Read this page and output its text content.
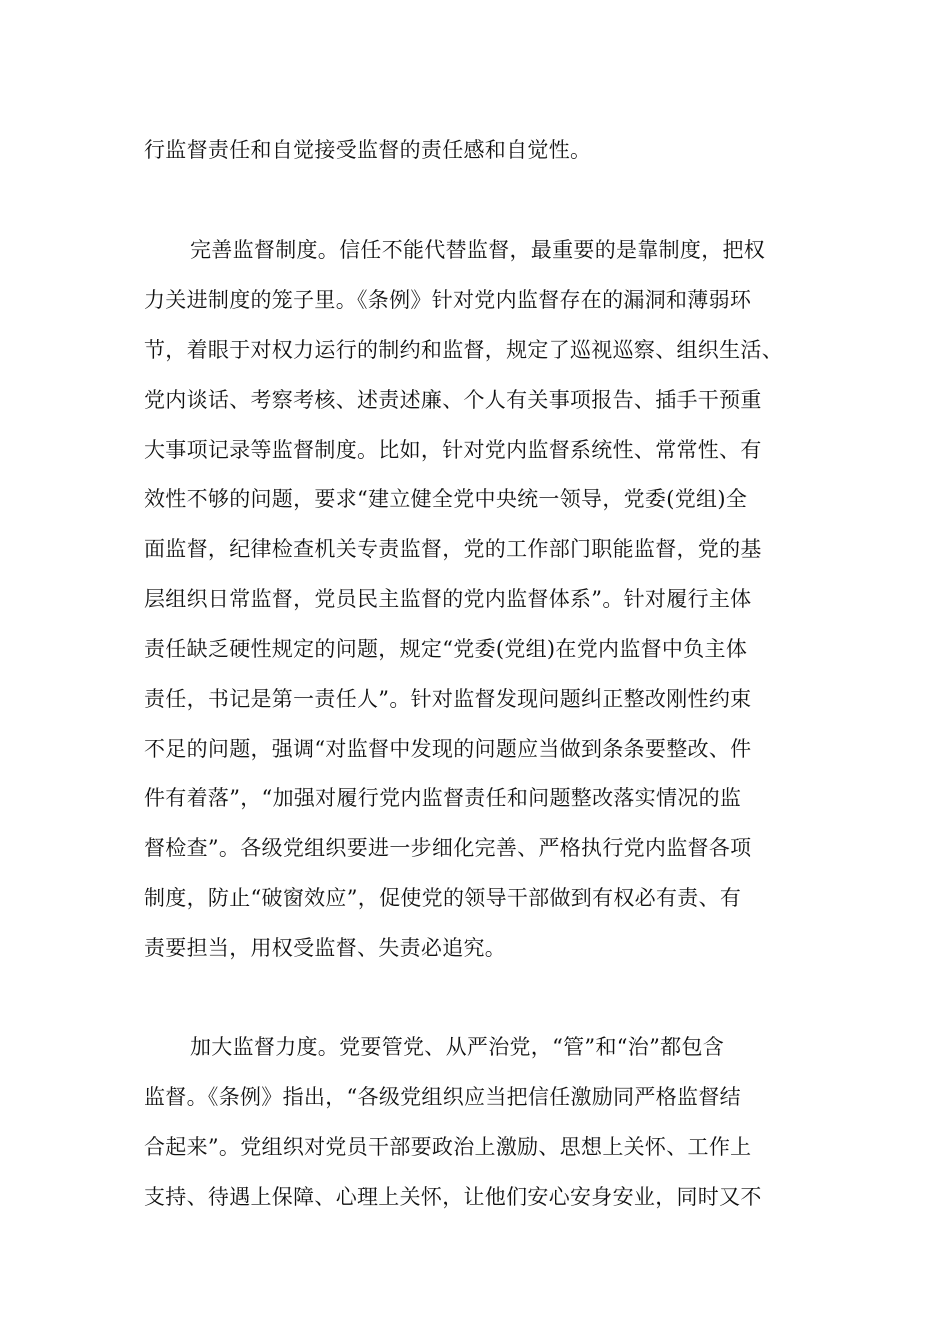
行监督责任和自觉接受监督的责任感和自觉性。
完善监督制度。信任不能代替监督，最重要的是靠制度，把权
力关进制度的笼子里。《条例》针对党内监督存在的漏洞和薄弱环
节，着眼于对权力运行的制约和监督，规定了巡视巡察、组织生活、
党内谈话、考察考核、述责述廉、个人有关事项报告、插手干预重
大事项记录等监督制度。比如，针对党内监督系统性、常常性、有
效性不够的问题，要求“建立健全党中央统一领导，党委(党组)全
面监督，纪律检查机关专责监督，党的工作部门职能监督，党的基
层组织日常监督，党员民主监督的党内监督体系”。针对履行主体
责任缺乏硬性规定的问题，规定“党委(党组)在党内监督中负主体
责任，书记是第一责任人”。针对监督发现问题纠正整改刚性约束
不足的问题，强调“对监督中发现的问题应当做到条条要整改、件
件有着落”，“加强对履行党内监督责任和问题整改落实情况的监
督检查”。各级党组织要进一步细化完善、严格执行党内监督各项
制度，防止“破窗效应”，促使党的领导干部做到有权必有责、有
责要担当，用权受监督、失责必追究。
加大监督力度。党要管党、从严治党，“管”和“治”都包含
监督。《条例》指出，“各级党组织应当把信任激励同严格监督结
合起来”。党组织对党员干部要政治上激励、思想上关怀、工作上
支持、待遇上保障、心理上关怀，让他们安心安身安业，同时又不
